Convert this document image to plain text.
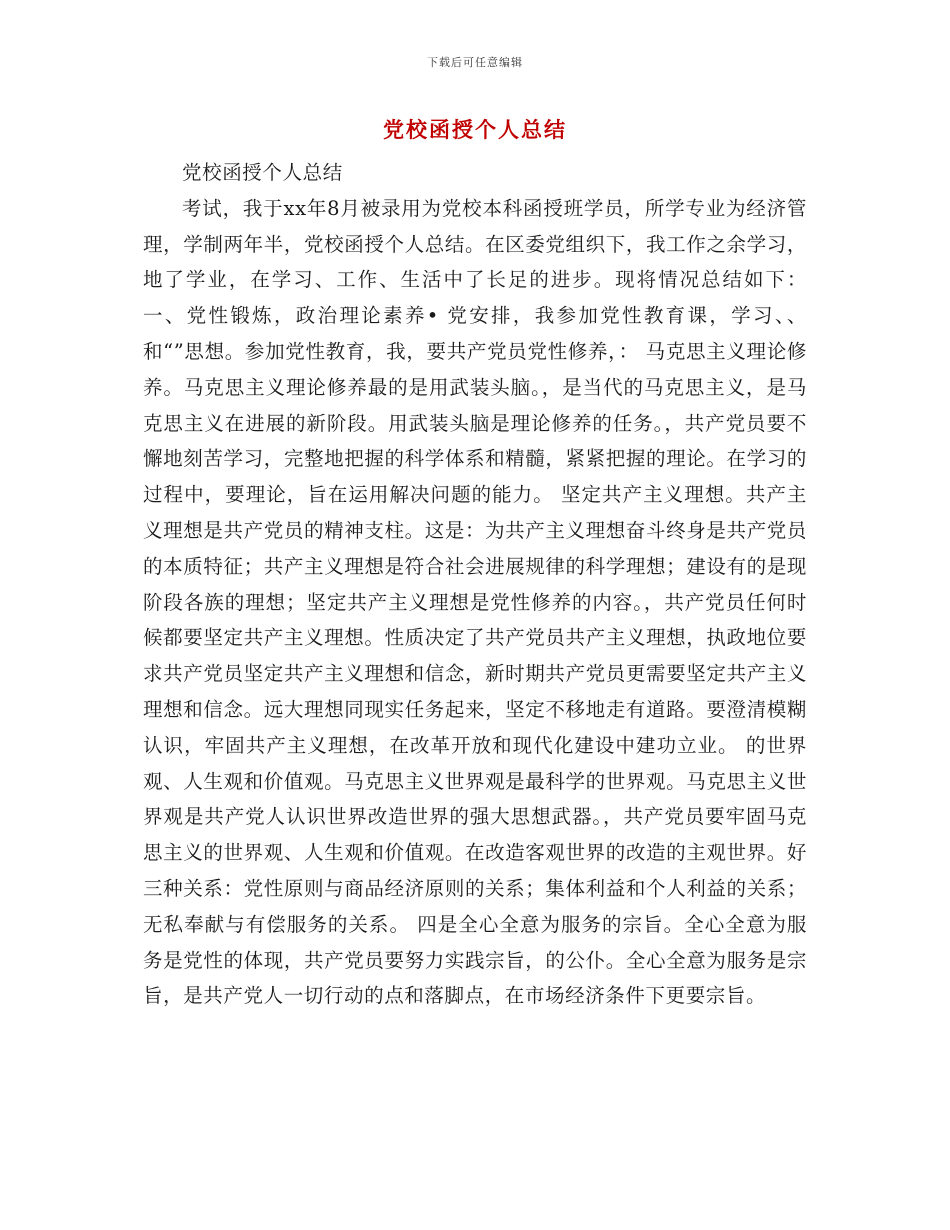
下载后可任意编辑
党校函授个人总结

党校函授个人总结

考试，我于xx年8月被录用为党校本科函授班学员，所学专业为经济管理，学制两年半，党校函授个人总结。在区委党组织下，我工作之余学习，地了学业，在学习、工作、生活中了长足的进步。现将情况总结如下： 一、党性锻炼，政治理论素养• 党安排，我参加党性教育课，学习、、和“”思想。参加党性教育，我，要共产党员党性修养，： 马克思主义理论修养。马克思主义理论修养最的是用武装头脑。，是当代的马克思主义，是马克思主义在进展的新阶段。用武装头脑是理论修养的任务。，共产党员要不懈地刻苦学习，完整地把握的科学体系和精髓，紧紧把握的理论。在学习的过程中，要理论，旨在运用解决问题的能力。 坚定共产主义理想。共产主义理想是共产党员的精神支柱。这是：为共产主义理想奋斗终身是共产党员的本质特征；共产主义理想是符合社会进展规律的科学理想；建设有的是现阶段各族的理想；坚定共产主义理想是党性修养的内容。，共产党员任何时候都要坚定共产主义理想。性质决定了共产党员共产主义理想，执政地位要求共产党员坚定共产主义理想和信念，新时期共产党员更需要坚定共产主义理想和信念。远大理想同现实任务起来，坚定不移地走有道路。要澄清模糊认识，牢固共产主义理想，在改革开放和现代化建设中建功立业。 的世界观、人生观和价值观。马克思主义世界观是最科学的世界观。马克思主义世界观是共产党人认识世界改造世界的强大思想武器。，共产党员要牢固马克思主义的世界观、人生观和价值观。在改造客观世界的改造的主观世界。好三种关系：党性原则与商品经济原则的关系；集体利益和个人利益的关系；无私奉献与有偿服务的关系。 四是全心全意为服务的宗旨。全心全意为服务是党性的体现，共产党员要努力实践宗旨，的公仆。全心全意为服务是宗旨，是共产党人一切行动的点和落脚点，在市场经济条件下更要宗旨。
